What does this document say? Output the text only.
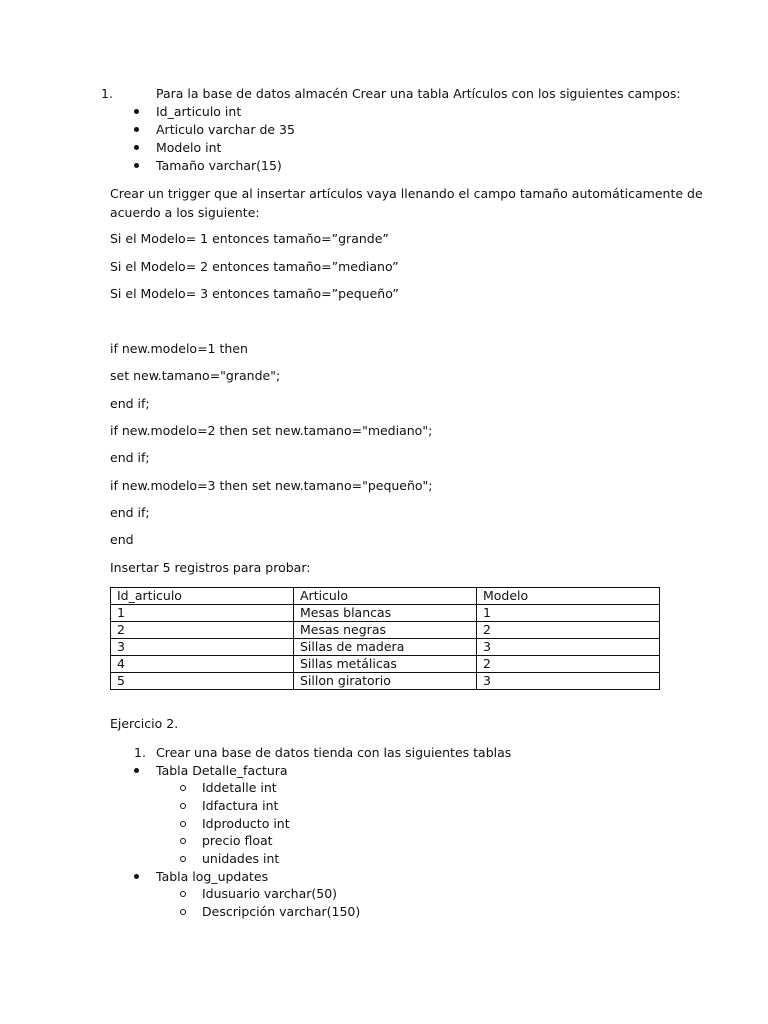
1.	Para la base de datos almacén Crear una tabla Artículos con los siguientes campos:
Id_articulo int
Articulo varchar de 35
Modelo int
Tamaño varchar(15)
Crear un trigger que al insertar artículos vaya llenando el campo tamaño automáticamente de
acuerdo a los siguiente:
Si el Modelo= 1 entonces tamaño=”grande”
Si el Modelo= 2 entonces tamaño=”mediano”
Si el Modelo= 3 entonces tamaño=”pequeño”
if new.modelo=1 then
set new.tamano="grande";
end if;
if new.modelo=2 then set new.tamano="mediano";
end if;
if new.modelo=3 then set new.tamano="pequeño";
end if;
end
Insertar 5 registros para probar:
Id_articulo	Articulo	Modelo
1	Mesas blancas	1
2	Mesas negras	2
3	Sillas de madera	3
4	Sillas metálicas	2
5	Sillon giratorio	3
Ejercicio 2.
1. Crear una base de datos tienda con las siguientes tablas
Tabla Detalle_factura
Iddetalle int
Idfactura int
Idproducto int
precio float
unidades int
Tabla log_updates
Idusuario varchar(50)
Descripción varchar(150)
